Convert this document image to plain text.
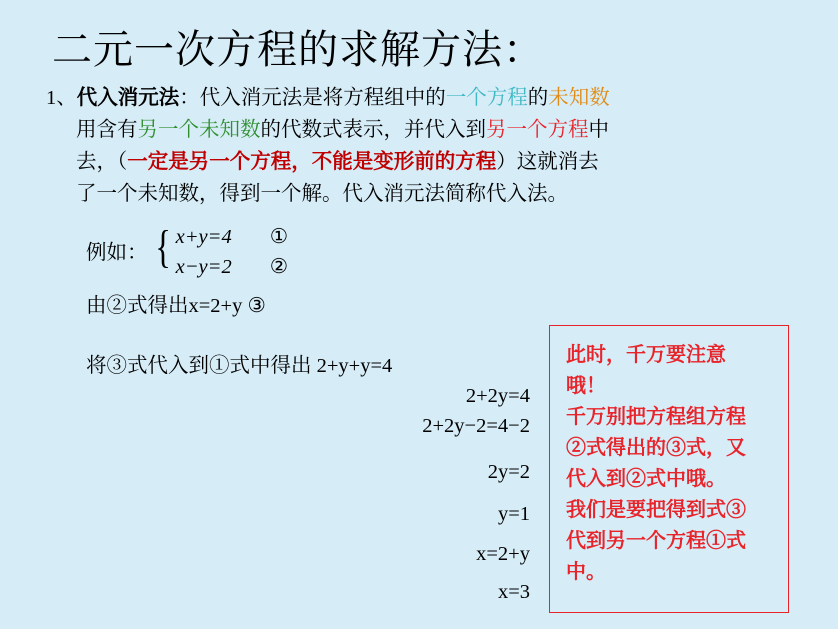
二元一次方程的求解方法：
1、代入消元法：代入消元法是将方程组中的一个方程的未知数
用含有另一个未知数的代数式表示，并代入到另一个方程中
去，（一定是另一个方程，不能是变形前的方程）这就消去
了一个未知数，得到一个解。代入消元法简称代入法。
例如： { x+y=4 ①
x−y=2 ②
由②式得出x=2+y ③
将③式代入到①式中得出 2+y+y=4
2+2y=4
2+2y−2=4−2
2y=2
y=1
x=2+y
x=3
此时，千万要注意
哦！
千万别把方程组方程
②式得出的③式，又
代入到②式中哦。
我们是要把得到式③
代到另一个方程①式
中。
